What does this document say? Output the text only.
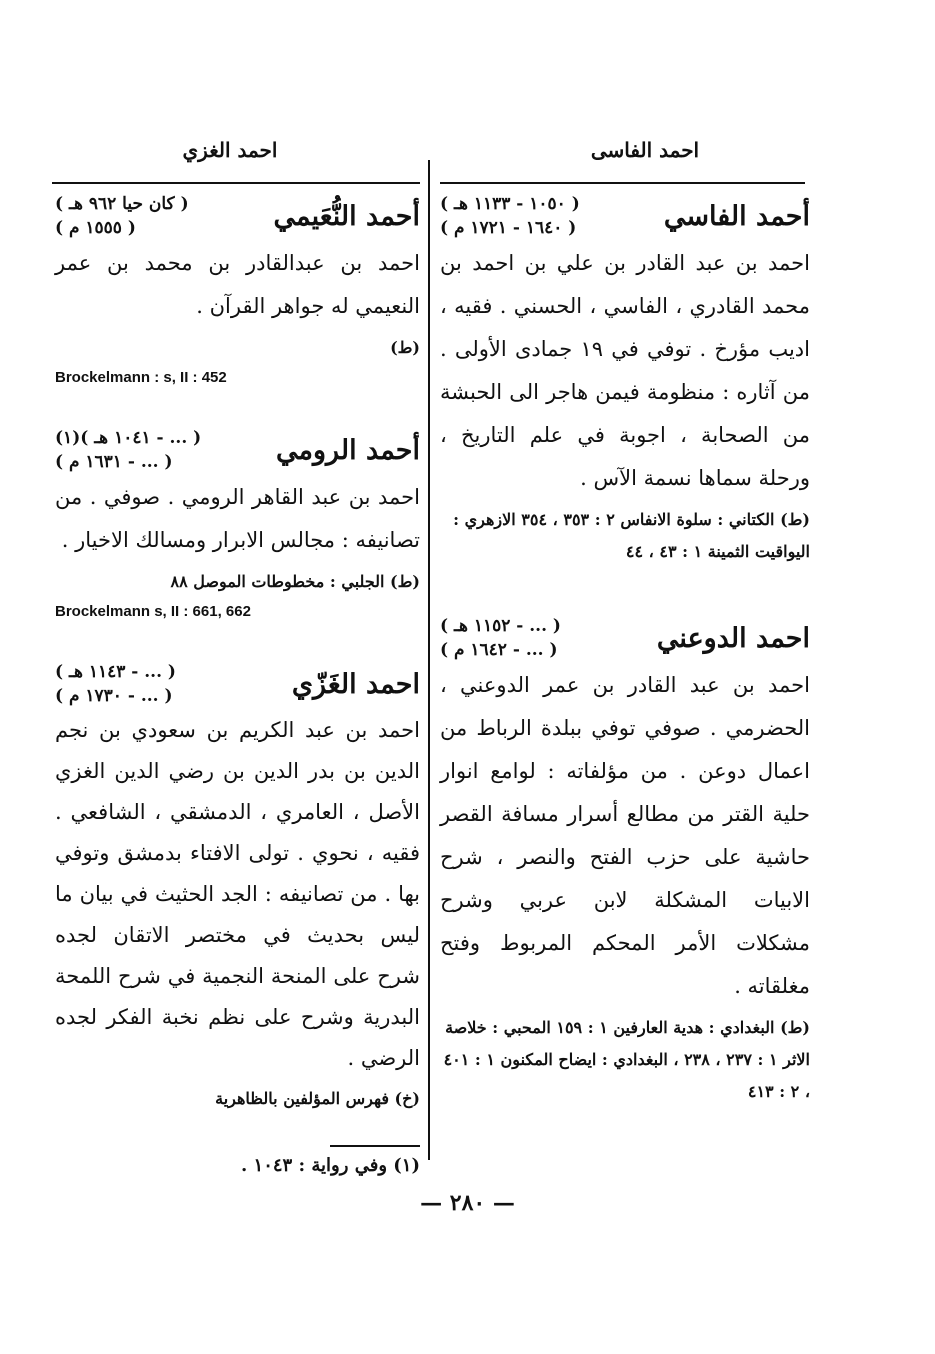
احمد الفاسی
احمد الغزي
أحمد الفاسي
( ١٠٥٠ - ١١٣٣ هـ )
( ١٦٤٠ - ١٧٢١ م )
احمد بن عبد القادر بن علي بن احمد بن محمد القادري ، الفاسي ، الحسني . فقيه ، اديب مؤرخ . توفي في ١٩ جمادى الأولى . من آثاره : منظومة فيمن هاجر الى الحبشة من الصحابة ، اجوبة في علم التاريخ ، ورحلة سماها نسمة الآس .
(ط) الكتاني : سلوة الانفاس ٢ : ٣٥٣ ، ٣٥٤ الازهري : اليواقيت الثمينة ١ : ٤٣ ، ٤٤
احمد الدوعني
( ... - ١١٥٢ هـ )
( ... - ١٦٤٢ م )
احمد بن عبد القادر بن عمر الدوعني ، الحضرمي . صوفي توفي ببلدة الرباط من اعمال دوعن . من مؤلفاته : لوامع انوار حلية القتر من مطالع أسرار مسافة القصر حاشية على حزب الفتح والنصر ، شرح الابيات المشكلة لابن عربي وشرح مشكلات الأمر المحكم المربوط وفتح مغلقاته .
(ط) البغدادي : هدية العارفين ١ : ١٥٩ المحبي : خلاصة الاثر ١ : ٢٣٧ ، ٢٣٨ ، البغدادي : ايضاح المكنون ١ : ٤٠١ ، ٢ : ٤١٣
أحمد النُّعَيمي
( كان حيا ٩٦٢ هـ )
( ١٥٥٥ م )
احمد بن عبدالقادر بن محمد بن عمر النعيمي له جواهر القرآن .
(ط)
Brockelmann : s, II : 452
أحمد الرومي
( ... - ١٠٤١ هـ )(١)
( ... - ١٦٣١ م )
احمد بن عبد القاهر الرومي . صوفي . من تصانيفه : مجالس الابرار ومسالك الاخيار .
(ط) الجلبي : مخطوطات الموصل ٨٨
Brockelmann s, II : 661, 662
احمد الغَزّي
( ... - ١١٤٣ هـ )
( ... - ١٧٣٠ م )
احمد بن عبد الكريم بن سعودي بن نجم الدين بن بدر الدين بن رضي الدين الغزي الأصل ، العامري ، الدمشقي ، الشافعي . فقيه ، نحوي . تولى الافتاء بدمشق وتوفي بها . من تصانيفه : الجد الحثيث في بيان ما ليس بحديث في مختصر الاتقان لجده شرح على المنحة النجمية في شرح اللمحة البدرية وشرح على نظم نخبة الفكر لجده الرضي .
(خ) فهرس المؤلفين بالظاهرية
(١) وفي رواية : ١٠٤٣ .
— ٢٨٠ —
